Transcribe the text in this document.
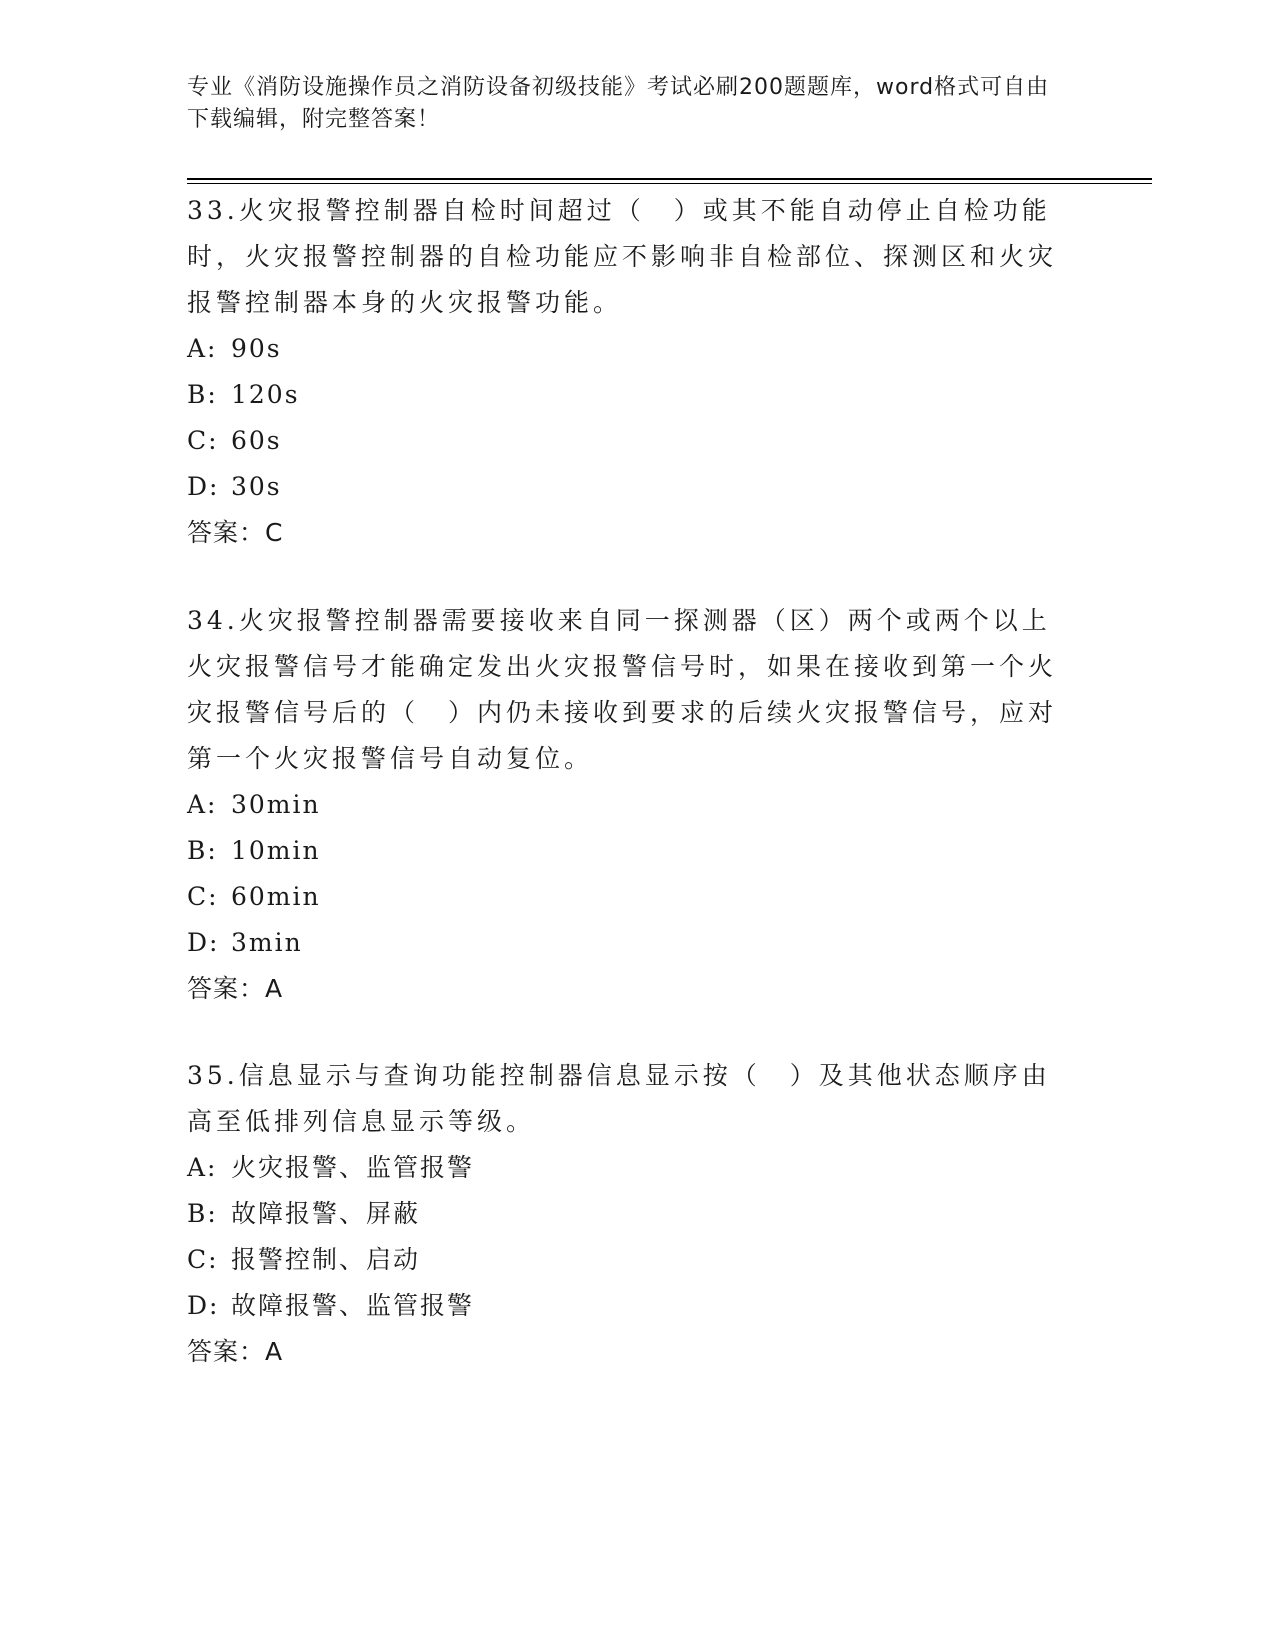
专业《消防设施操作员之消防设备初级技能》考试必刷200题题库，word格式可自由下载编辑，附完整答案！

33.火灾报警控制器自检时间超过（　）或其不能自动停止自检功能时，火灾报警控制器的自检功能应不影响非自检部位、探测区和火灾报警控制器本身的火灾报警功能。

A: 90s

B: 120s

C: 60s

D: 30s

答案：C

34.火灾报警控制器需要接收来自同一探测器（区）两个或两个以上火灾报警信号才能确定发出火灾报警信号时，如果在接收到第一个火灾报警信号后的（　）内仍未接收到要求的后续火灾报警信号，应对第一个火灾报警信号自动复位。

A: 30min

B: 10min

C: 60min

D: 3min

答案：A

35.信息显示与查询功能控制器信息显示按（　）及其他状态顺序由高至低排列信息显示等级。

A: 火灾报警、监管报警

B: 故障报警、屏蔽

C: 报警控制、启动

D: 故障报警、监管报警

答案：A
